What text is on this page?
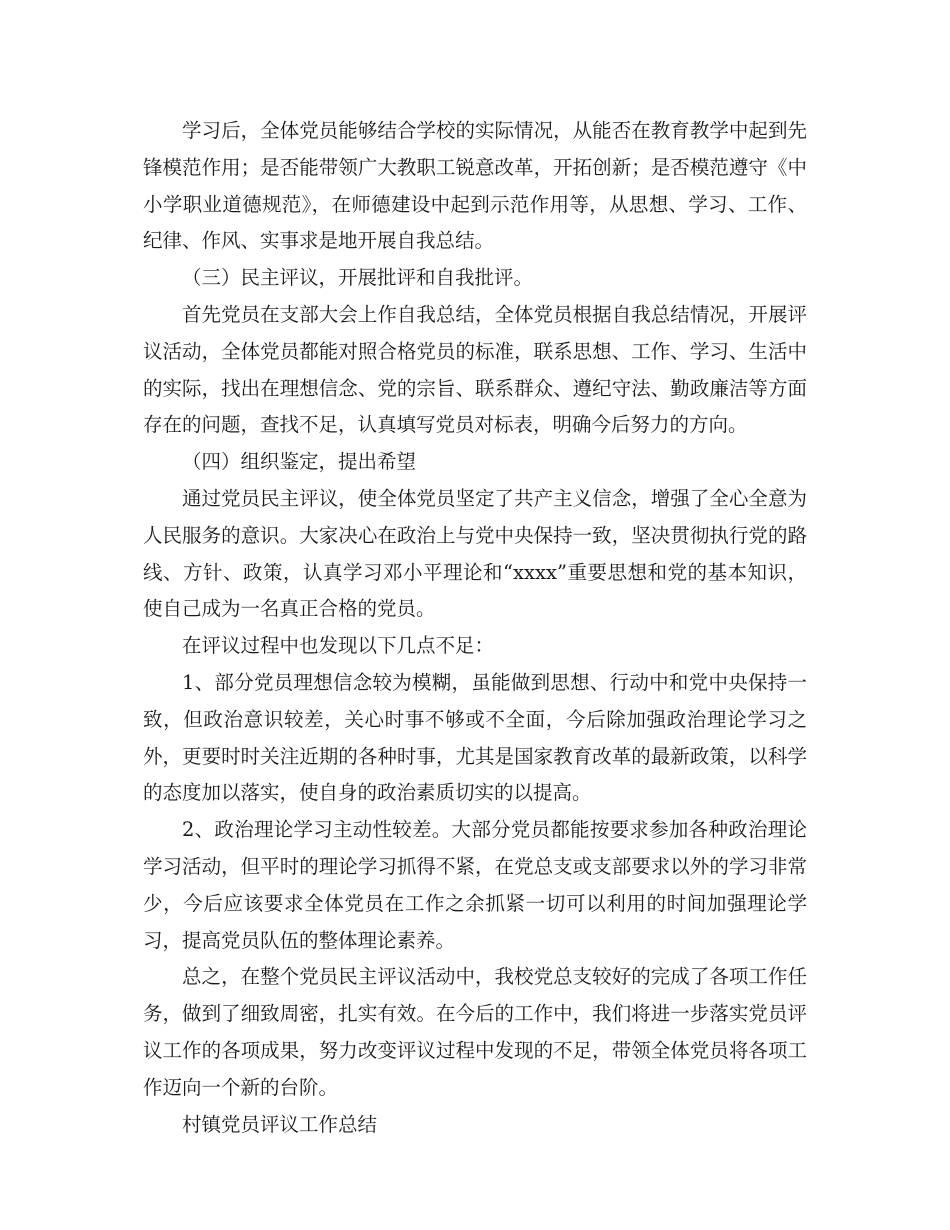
学习后，全体党员能够结合学校的实际情况，从能否在教育教学中起到先锋模范作用；是否能带领广大教职工锐意改革，开拓创新；是否模范遵守《中小学职业道德规范》，在师德建设中起到示范作用等，从思想、学习、工作、纪律、作风、实事求是地开展自我总结。

（三）民主评议，开展批评和自我批评。

首先党员在支部大会上作自我总结，全体党员根据自我总结情况，开展评议活动，全体党员都能对照合格党员的标准，联系思想、工作、学习、生活中的实际，找出在理想信念、党的宗旨、联系群众、遵纪守法、勤政廉洁等方面存在的问题，查找不足，认真填写党员对标表，明确今后努力的方向。

（四）组织鉴定，提出希望

通过党员民主评议，使全体党员坚定了共产主义信念，增强了全心全意为人民服务的意识。大家决心在政治上与党中央保持一致，坚决贯彻执行党的路线、方针、政策，认真学习邓小平理论和“xxxx”重要思想和党的基本知识，使自己成为一名真正合格的党员。

在评议过程中也发现以下几点不足：

1、部分党员理想信念较为模糊，虽能做到思想、行动中和党中央保持一致，但政治意识较差，关心时事不够或不全面，今后除加强政治理论学习之外，更要时时关注近期的各种时事，尤其是国家教育改革的最新政策，以科学的态度加以落实，使自身的政治素质切实的以提高。

2、政治理论学习主动性较差。大部分党员都能按要求参加各种政治理论学习活动，但平时的理论学习抓得不紧，在党总支或支部要求以外的学习非常少，今后应该要求全体党员在工作之余抓紧一切可以利用的时间加强理论学习，提高党员队伍的整体理论素养。

总之，在整个党员民主评议活动中，我校党总支较好的完成了各项工作任务，做到了细致周密，扎实有效。在今后的工作中，我们将进一步落实党员评议工作的各项成果，努力改变评议过程中发现的不足，带领全体党员将各项工作迈向一个新的台阶。

村镇党员评议工作总结
